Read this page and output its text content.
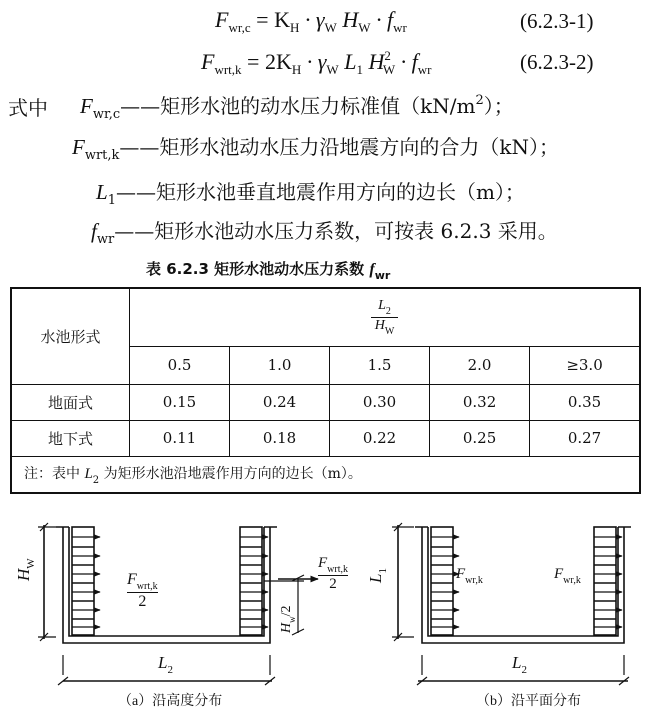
$F_{wr,c} = K_H \cdot \gamma_W$ $H_W \cdot f_{wr}$	(6.2.3-1)
$F_{wrt,k} = 2K_H \cdot \gamma_W$ $L_1$ $H^2_W \cdot f_{wr}$	(6.2.3-2)
式中 $F_{wr,c}——$矩形水池的动水压力标准值$(kN/m^2)$；
$F_{wrt,k}——$矩形水池动水压力沿地震方向的合力（kN）；
$L_1——$矩形水池垂直地震作用方向的边长（m）；
$f_{wr}——$矩形水池动水压力系数，可按表 6.2.3 采用。
表 6.2.3 矩形水池动水压力系数 $f_{wr}$
水池形式	$\frac{L_2}{H_W}$

	0.5	1.0	1.5	2.0	≥3.0
地面式	0.15	0.24	0.30	0.32	0.35
地下式	0.11	0.18	0.22	0.25	0.27
注：表中 $L_2$ 为矩形水池沿地震作用方向的边长（m）。					
$H_W$
$F_{wrt,k}$
2
$H_w/2$
$F_{wrt,k}$
2
$L_2$
（a）沿高度分布
$L_1$	$F_{wr,k}$	$F_{wr,k}$
$L_2$
（b）沿平面分布
